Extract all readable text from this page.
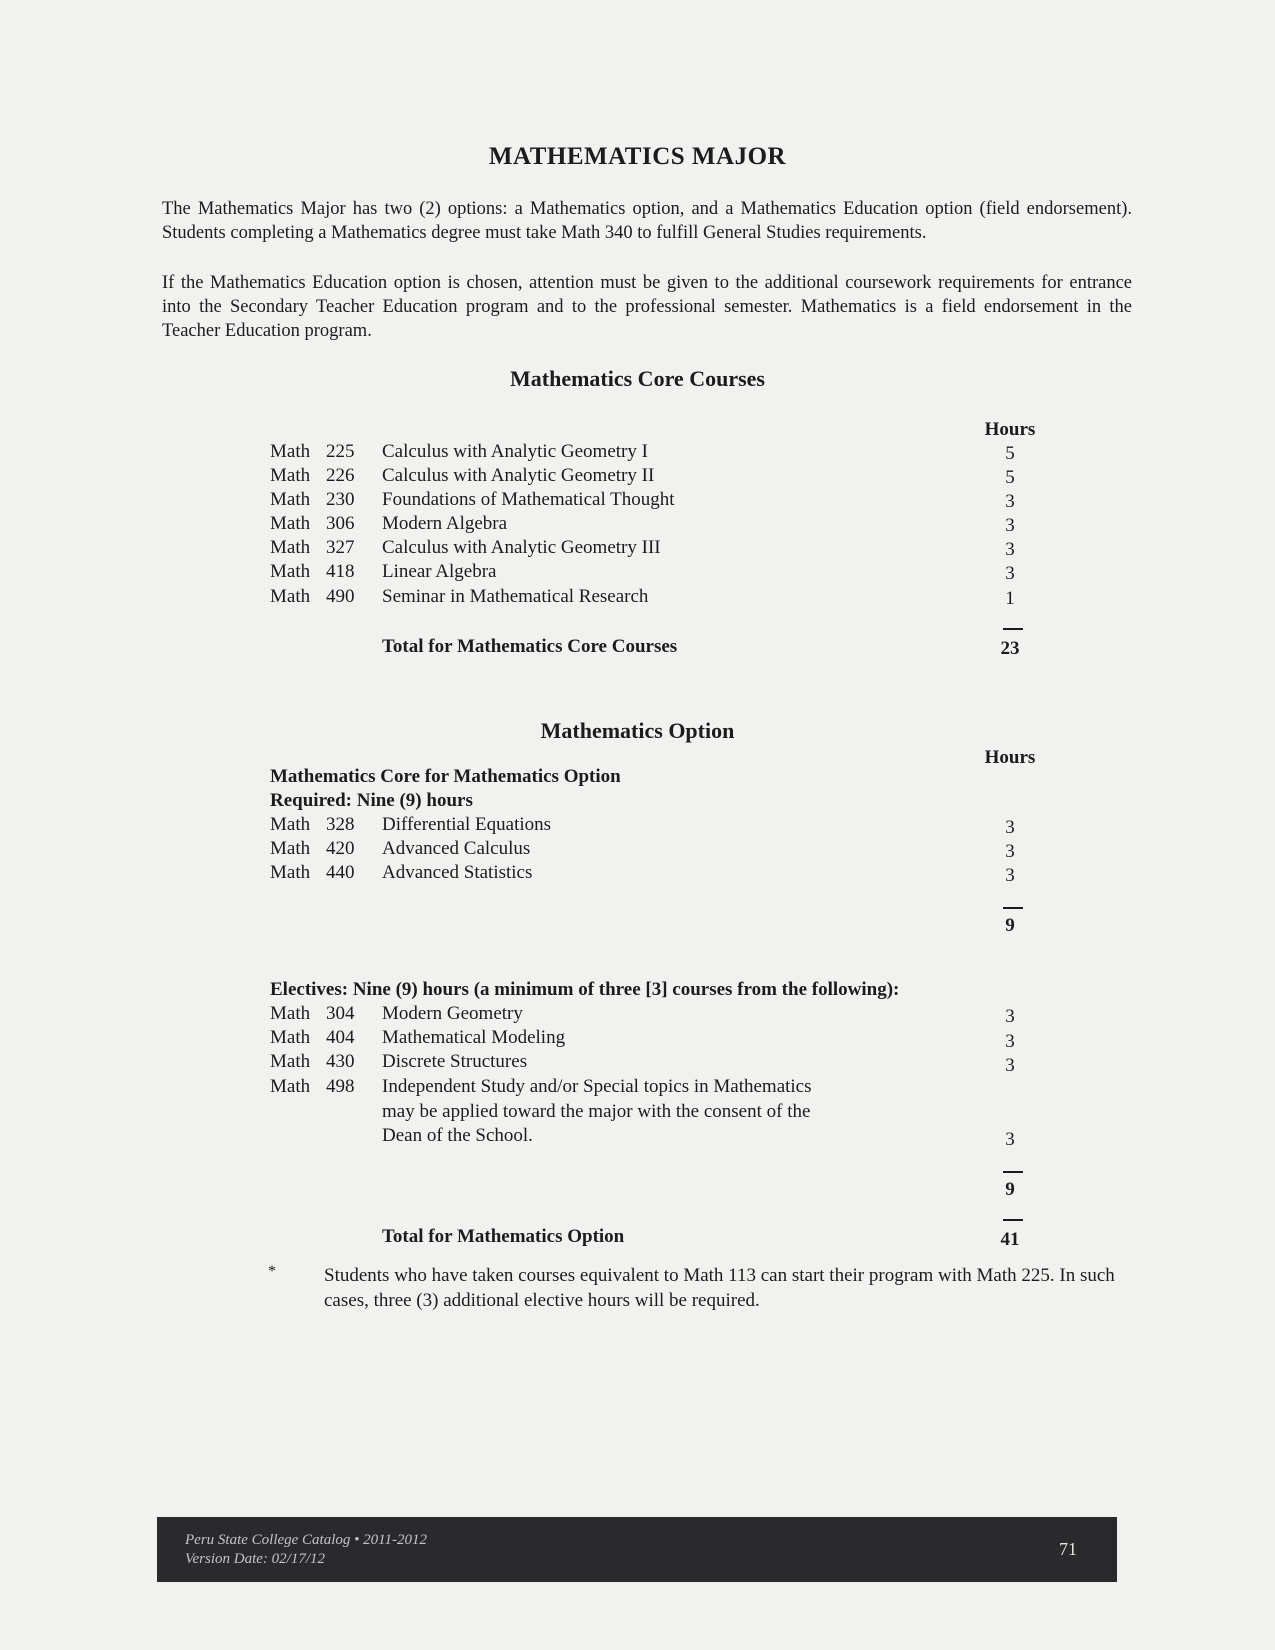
MATHEMATICS MAJOR
The Mathematics Major has two (2) options: a Mathematics option, and a Mathematics Education option (field endorsement). Students completing a Mathematics degree must take Math 340 to fulfill General Studies requirements.
If the Mathematics Education option is chosen, attention must be given to the additional coursework requirements for entrance into the Secondary Teacher Education program and to the professional semester. Mathematics is a field endorsement in the Teacher Education program.
Mathematics Core Courses
Hours
Math 225	Calculus with Analytic Geometry I	5
Math 226	Calculus with Analytic Geometry II	5
Math 230	Foundations of Mathematical Thought	3
Math 306	Modern Algebra	3
Math 327	Calculus with Analytic Geometry III	3
Math 418	Linear Algebra	3
Math 490	Seminar in Mathematical Research	1
Total for Mathematics Core Courses	23
Mathematics Option
Hours
Mathematics Core for Mathematics Option
Required: Nine (9) hours
Math 328	Differential Equations	3
Math 420	Advanced Calculus	3
Math 440	Advanced Statistics	3
9
Electives: Nine (9) hours (a minimum of three [3] courses from the following):
Math 304	Modern Geometry	3
Math 404	Mathematical Modeling	3
Math 430	Discrete Structures	3
Math 498	Independent Study and/or Special topics in Mathematics may be applied toward the major with the consent of the Dean of the School.	3
9
Total for Mathematics Option	41
*	Students who have taken courses equivalent to Math 113 can start their program with Math 225. In such cases, three (3) additional elective hours will be required.
Peru State College Catalog • 2011-2012
Version Date: 02/17/12	71
